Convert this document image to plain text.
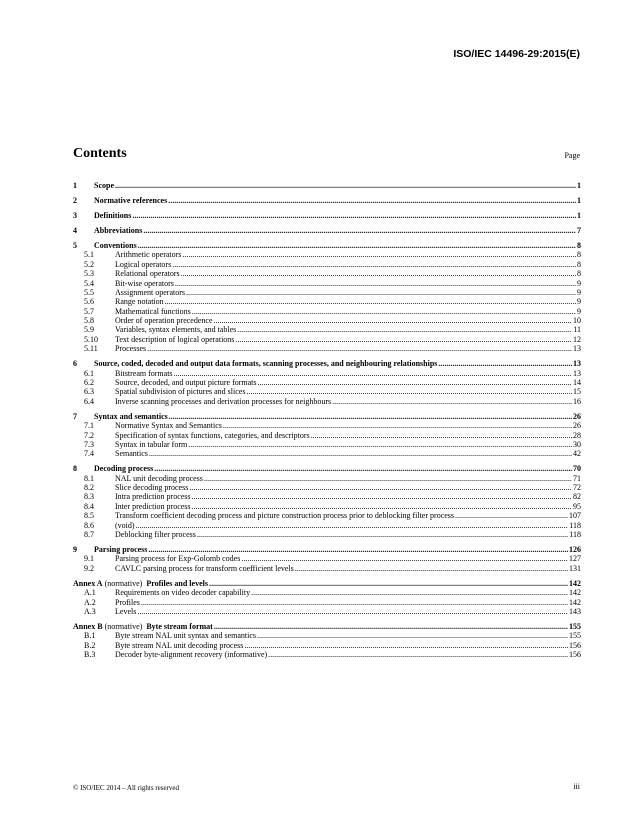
ISO/IEC 14496-29:2015(E)
Contents	Page
1	Scope .....	1
2	Normative references .....	1
3	Definitions .....	1
4	Abbreviations .....	7
5	Conventions .....	8
5.1	Arithmetic operators .....	8
5.2	Logical operators .....	8
5.3	Relational operators .....	8
5.4	Bit-wise operators .....	9
5.5	Assignment operators .....	9
5.6	Range notation .....	9
5.7	Mathematical functions .....	9
5.8	Order of operation precedence .....	10
5.9	Variables, syntax elements, and tables .....	11
5.10	Text description of logical operations .....	12
5.11	Processes .....	13
6	Source, coded, decoded and output data formats, scanning processes, and neighbouring relationships .....	13
6.1	Bitstream formats .....	13
6.2	Source, decoded, and output picture formats .....	14
6.3	Spatial subdivision of pictures and slices .....	15
6.4	Inverse scanning processes and derivation processes for neighbours .....	16
7	Syntax and semantics .....	26
7.1	Normative Syntax and Semantics .....	26
7.2	Specification of syntax functions, categories, and descriptors .....	28
7.3	Syntax in tabular form .....	30
7.4	Semantics .....	42
8	Decoding process .....	70
8.1	NAL unit decoding process .....	71
8.2	Slice decoding process .....	72
8.3	Intra prediction process .....	82
8.4	Inter prediction process .....	95
8.5	Transform coefficient decoding process and picture construction process prior to deblocking filter process .....	107
8.6	(void) .....	118
8.7	Deblocking filter process .....	118
9	Parsing process .....	126
9.1	Parsing process for Exp-Golomb codes .....	127
9.2	CAVLC parsing process for transform coefficient levels .....	131
Annex A (normative) Profiles and levels .....	142
A.1	Requirements on video decoder capability .....	142
A.2	Profiles .....	142
A.3	Levels .....	143
Annex B (normative) Byte stream format .....	155
B.1	Byte stream NAL unit syntax and semantics .....	155
B.2	Byte stream NAL unit decoding process .....	156
B.3	Decoder byte-alignment recovery (informative) .....	156
© ISO/IEC 2014 – All rights reserved	iii
